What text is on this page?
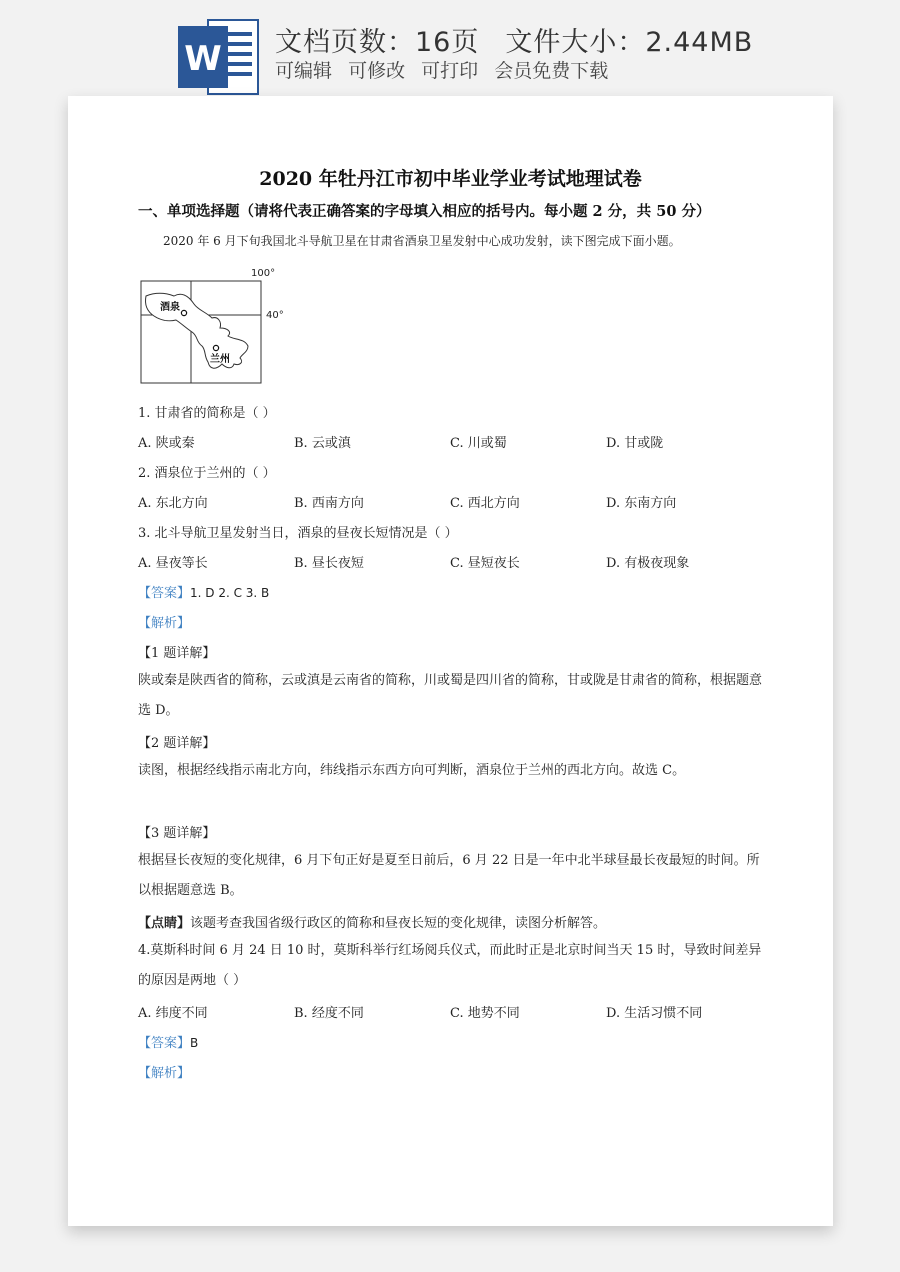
W 文档页数：16页 文件大小：2.44MB
可编辑 可修改 可打印 会员免费下载
2020 年牡丹江市初中毕业学业考试地理试卷
一、单项选择题（请将代表正确答案的字母填入相应的括号内。每小题 2 分，共 50 分）
2020 年 6 月下旬我国北斗导航卫星在甘肃省酒泉卫星发射中心成功发射，读下图完成下面小题。
100°
40°
酒泉
兰州
1. 甘肃省的简称是（ ）
A. 陕或秦	B. 云或滇	C. 川或蜀	D. 甘或陇
2. 酒泉位于兰州的（ ）
A. 东北方向	B. 西南方向	C. 西北方向	D. 东南方向
3. 北斗导航卫星发射当日，酒泉的昼夜长短情况是（ ）
A. 昼夜等长	B. 昼长夜短	C. 昼短夜长	D. 有极夜现象
【答案】1. D 2. C 3. B
【解析】
【1 题详解】
陕或秦是陕西省的简称，云或滇是云南省的简称，川或蜀是四川省的简称，甘或陇是甘肃省的简称，根据题意选 D。
【2 题详解】
读图，根据经线指示南北方向，纬线指示东西方向可判断，酒泉位于兰州的西北方向。故选 C。
【3 题详解】
根据昼长夜短的变化规律，6 月下旬正好是夏至日前后，6 月 22 日是一年中北半球昼最长夜最短的时间。所以根据题意选 B。
【点睛】该题考查我国省级行政区的简称和昼夜长短的变化规律，读图分析解答。
4.莫斯科时间 6 月 24 日 10 时，莫斯科举行红场阅兵仪式，而此时正是北京时间当天 15 时，导致时间差异的原因是两地（ ）
A. 纬度不同	B. 经度不同	C. 地势不同	D. 生活习惯不同
【答案】B
【解析】
